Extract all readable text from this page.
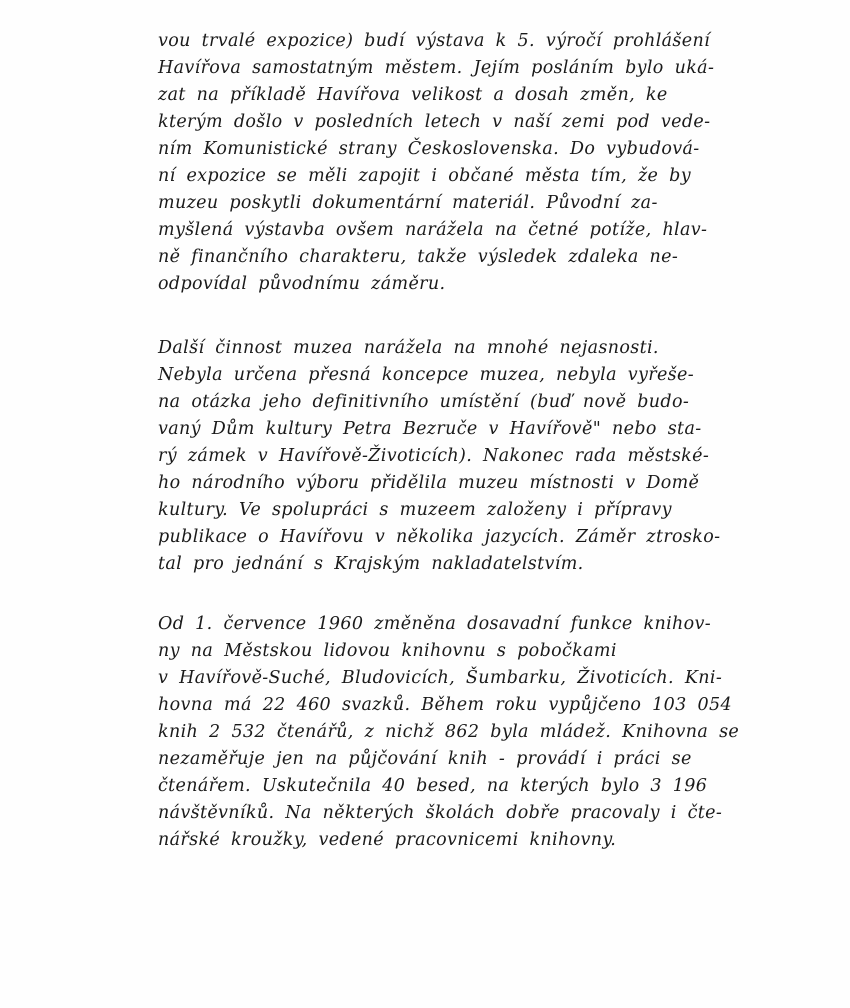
vou trvalé expozice) budí výstava k 5. výročí prohlášení
Havířova samostatným městem. Jejím posláním bylo uká-
zat na příkladě Havířova velikost a dosah změn, ke
kterým došlo v posledních letech v naší zemi pod vede-
ním Komunistické strany Československa. Do vybudová-
ní expozice se měli zapojit i občané města tím, že by
muzeu poskytli dokumentární materiál. Původní za-
myšlená výstavba ovšem narážela na četné potíže, hlav-
ně finančního charakteru, takže výsledek zdaleka ne-
odpovídal původnímu záměru.
Další činnost muzea narážela na mnohé nejasnosti.
Nebyla určena přesná koncepce muzea, nebyla vyřeše-
na otázka jeho definitivního umístění (buď nově budo-
vaný Dům kultury Petra Bezruče v Havířově" nebo sta-
rý zámek v Havířově-Životicích). Nakonec rada městské-
ho národního výboru přidělila muzeu místnosti v Domě
kultury. Ve spolupráci s muzeem založeny i přípravy
publikace o Havířovu v několika jazycích. Záměr ztrosko-
tal pro jednání s Krajským nakladatelstvím.
Od 1. července 1960 změněna dosavadní funkce knihov-
ny na Městskou lidovou knihovnu s pobočkami
v Havířově-Suché, Bludovicích, Šumbarku, Životicích. Kni-
hovna má 22 460 svazků. Během roku vypůjčeno 103 054
knih 2 532 čtenářů, z nichž 862 byla mládež. Knihovna se
nezaměřuje jen na půjčování knih - provádí i práci se
čtenářem. Uskutečnila 40 besed, na kterých bylo 3 196
návštěvníků. Na některých školách dobře pracovaly i čte-
nářské kroužky, vedené pracovnicemi knihovny.
